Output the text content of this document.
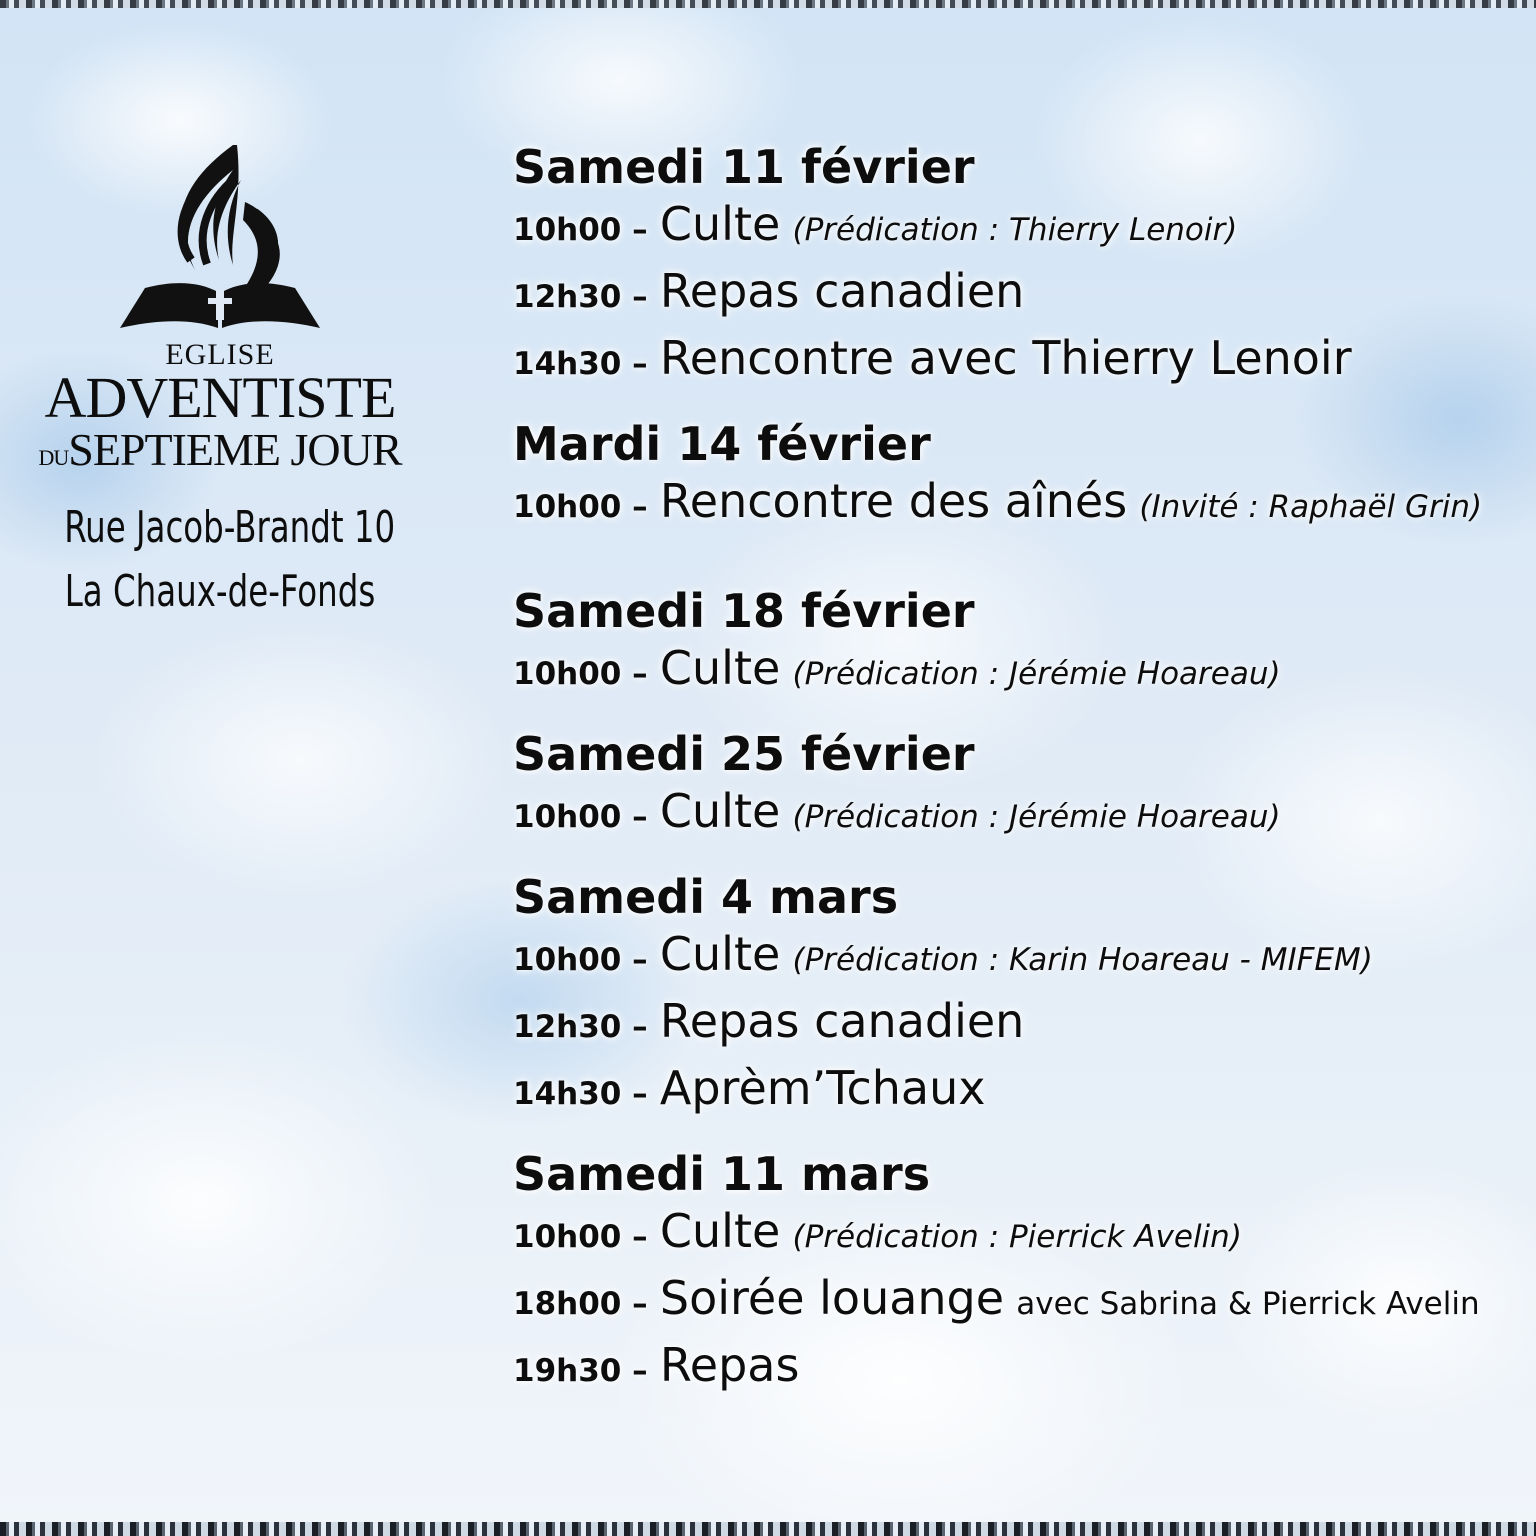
EGLISE
ADVENTISTE
DUSEPTIEME JOUR
Rue Jacob-Brandt 10
La Chaux-de-Fonds
Samedi 11 février
10h00 – Culte (Prédication : Thierry Lenoir)
12h30 – Repas canadien
14h30 – Rencontre avec Thierry Lenoir
Mardi 14 février
10h00 – Rencontre des aînés (Invité : Raphaël Grin)
Samedi 18 février
10h00 – Culte (Prédication : Jérémie Hoareau)
Samedi 25 février
10h00 – Culte (Prédication : Jérémie Hoareau)
Samedi 4 mars
10h00 – Culte (Prédication : Karin Hoareau - MIFEM)
12h30 – Repas canadien
14h30 – Aprèm’Tchaux
Samedi 11 mars
10h00 – Culte (Prédication : Pierrick Avelin)
18h00 – Soirée louange avec Sabrina & Pierrick Avelin
19h30 – Repas
